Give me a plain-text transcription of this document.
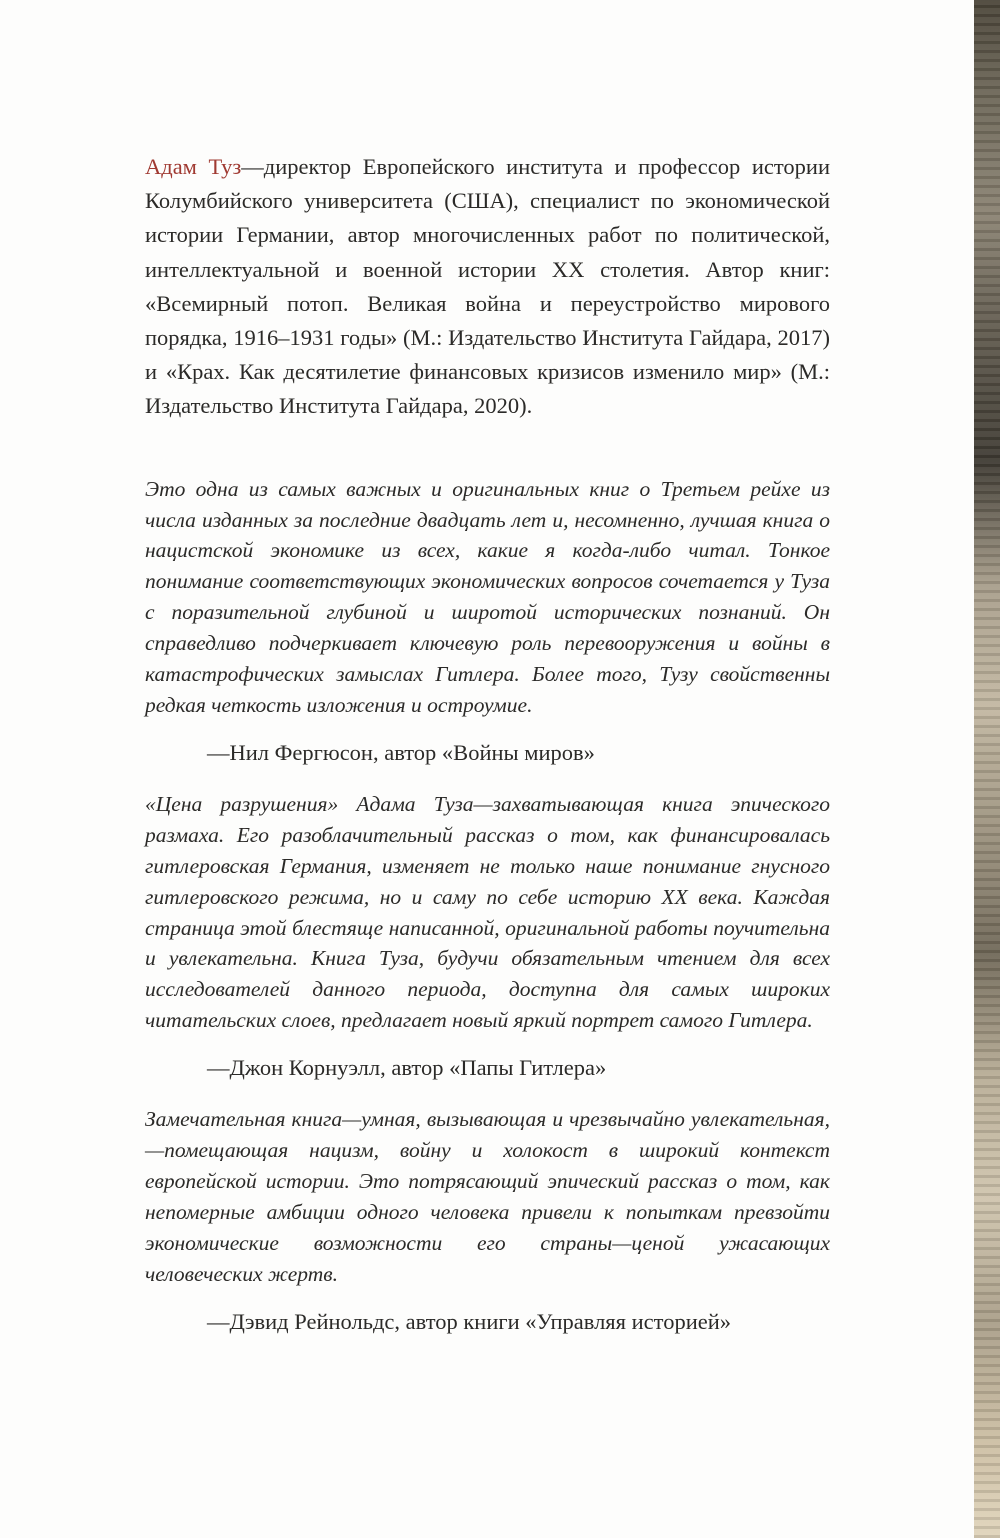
Адам Туз—директор Европейского института и профессор истории Колумбийского университета (США), специалист по экономической истории Германии, автор многочисленных работ по политической, интеллектуальной и военной истории XX столетия. Автор книг: «Всемирный потоп. Великая война и переустройство мирового порядка, 1916–1931 годы» (М.: Издательство Института Гайдара, 2017) и «Крах. Как десятилетие финансовых кризисов изменило мир» (М.: Издательство Института Гайдара, 2020).

Это одна из самых важных и оригинальных книг о Третьем рейхе из числа изданных за последние двадцать лет и, несомненно, лучшая книга о нацистской экономике из всех, какие я когда-либо читал. Тонкое понимание соответствующих экономических вопросов сочетается у Туза с поразительной глубиной и широтой исторических познаний. Он справедливо подчеркивает ключевую роль перевооружения и войны в катастрофических замыслах Гитлера. Более того, Тузу свойственны редкая четкость изложения и остроумие.

—Нил Фергюсон, автор «Войны миров»

«Цена разрушения» Адама Туза—захватывающая книга эпического размаха. Его разоблачительный рассказ о том, как финансировалась гитлеровская Германия, изменяет не только наше понимание гнусного гитлеровского режима, но и саму по себе историю XX века. Каждая страница этой блестяще написанной, оригинальной работы поучительна и увлекательна. Книга Туза, будучи обязательным чтением для всех исследователей данного периода, доступна для самых широких читательских слоев, предлагает новый яркий портрет самого Гитлера.

—Джон Корнуэлл, автор «Папы Гитлера»

Замечательная книга—умная, вызывающая и чрезвычайно увлекательная,—помещающая нацизм, войну и холокост в широкий контекст европейской истории. Это потрясающий эпический рассказ о том, как непомерные амбиции одного человека привели к попыткам превзойти экономические возможности его страны—ценой ужасающих человеческих жертв.

—Дэвид Рейнольдс, автор книги «Управляя историей»
